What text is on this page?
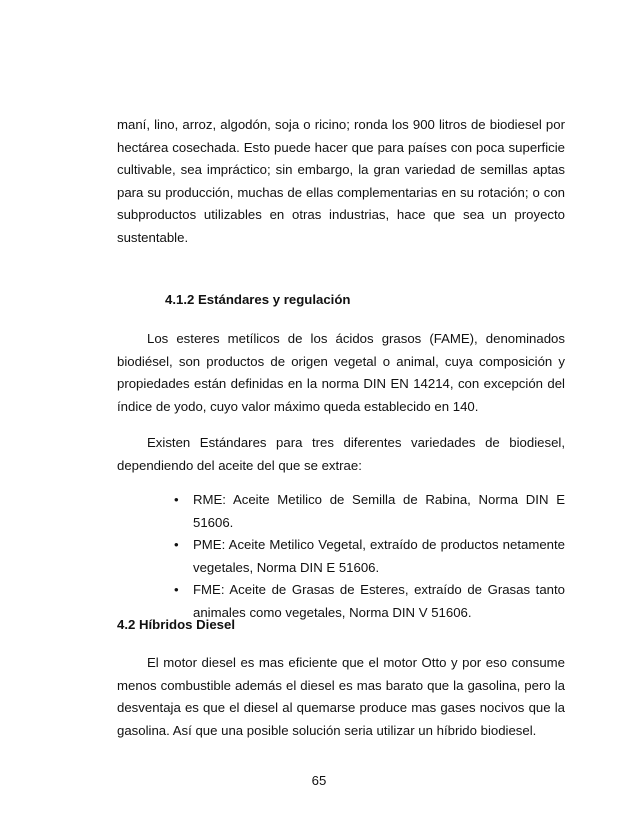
maní, lino, arroz, algodón, soja o ricino; ronda los 900 litros de biodiesel por hectárea cosechada. Esto puede hacer que para países con poca superficie cultivable, sea impráctico; sin embargo, la gran variedad de semillas aptas para su producción, muchas de ellas complementarias en su rotación; o con subproductos utilizables en otras industrias, hace que sea un proyecto sustentable.

4.1.2 Estándares y regulación

Los esteres metílicos de los ácidos grasos (FAME), denominados biodiésel, son productos de origen vegetal o animal, cuya composición y propiedades están definidas en la norma DIN EN 14214, con excepción del índice de yodo, cuyo valor máximo queda establecido en 140.

Existen Estándares para tres diferentes variedades de biodiesel, dependiendo del aceite del que se extrae:

• RME: Aceite Metilico de Semilla de Rabina, Norma DIN E 51606.
• PME: Aceite Metilico Vegetal, extraído de productos netamente vegetales, Norma DIN E 51606.
• FME: Aceite de Grasas de Esteres, extraído de Grasas tanto animales como vegetales, Norma DIN V 51606.
4.2 Híbridos Diesel

El motor diesel es mas eficiente que el motor Otto y por eso consume menos combustible además el diesel es mas barato que la gasolina, pero la desventaja es que el diesel al quemarse produce mas gases nocivos que la gasolina. Así que una posible solución seria utilizar un híbrido biodiesel.

65
